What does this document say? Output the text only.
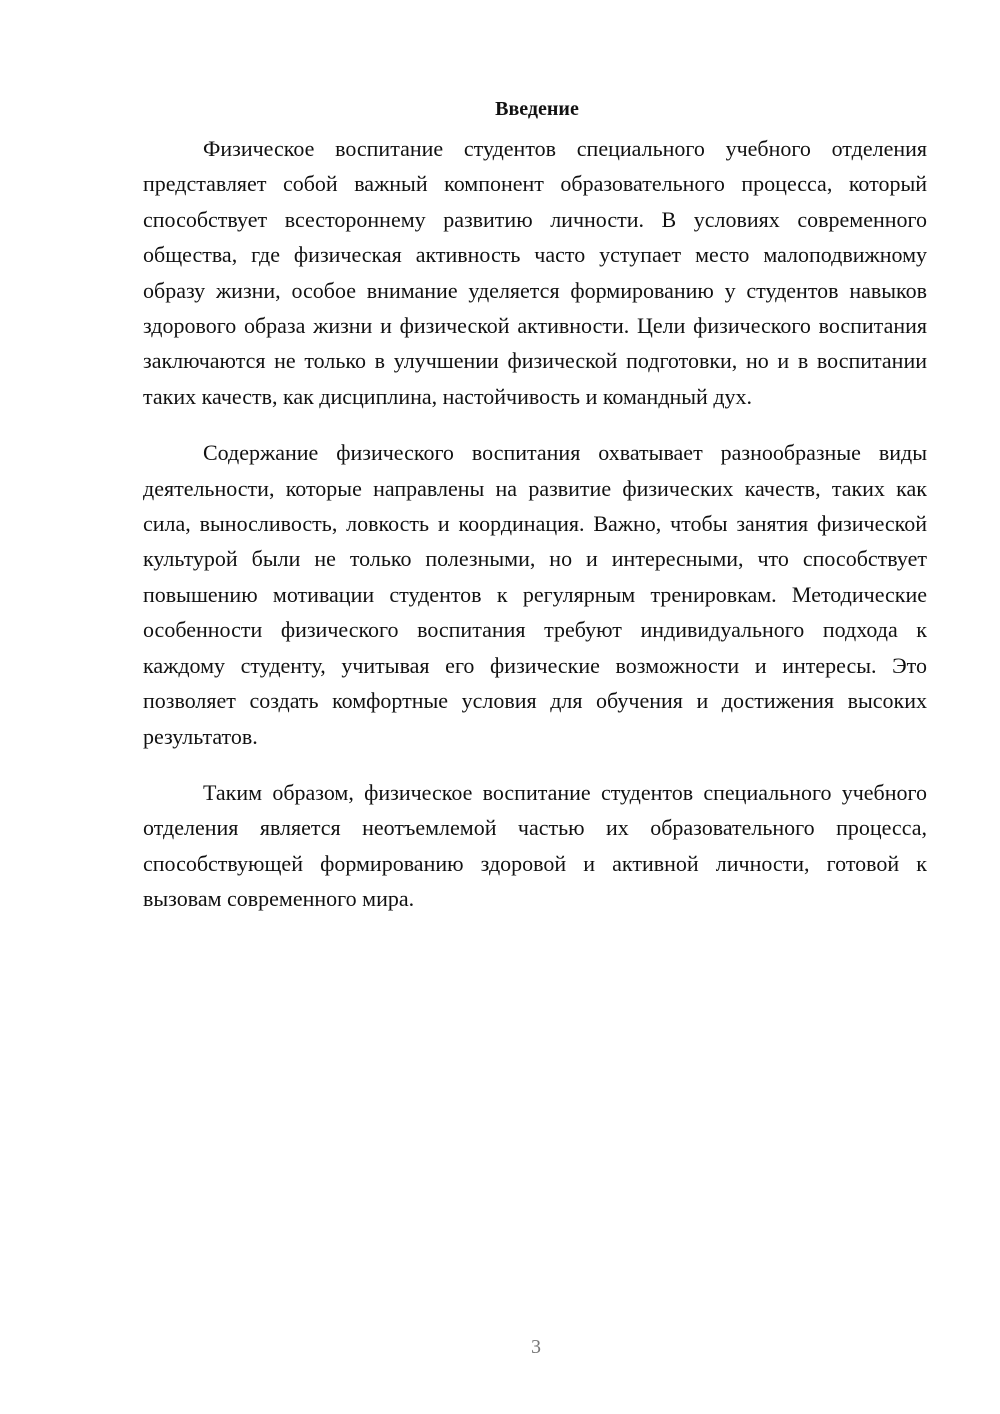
Введение

Физическое воспитание студентов специального учебного отделения представляет собой важный компонент образовательного процесса, который способствует всестороннему развитию личности. В условиях современного общества, где физическая активность часто уступает место малоподвижному образу жизни, особое внимание уделяется формированию у студентов навыков здорового образа жизни и физической активности. Цели физического воспитания заключаются не только в улучшении физической подготовки, но и в воспитании таких качеств, как дисциплина, настойчивость и командный дух.

Содержание физического воспитания охватывает разнообразные виды деятельности, которые направлены на развитие физических качеств, таких как сила, выносливость, ловкость и координация. Важно, чтобы занятия физической культурой были не только полезными, но и интересными, что способствует повышению мотивации студентов к регулярным тренировкам. Методические особенности физического воспитания требуют индивидуального подхода к каждому студенту, учитывая его физические возможности и интересы. Это позволяет создать комфортные условия для обучения и достижения высоких результатов.

Таким образом, физическое воспитание студентов специального учебного отделения является неотъемлемой частью их образовательного процесса, способствующей формированию здоровой и активной личности, готовой к вызовам современного мира.

3
